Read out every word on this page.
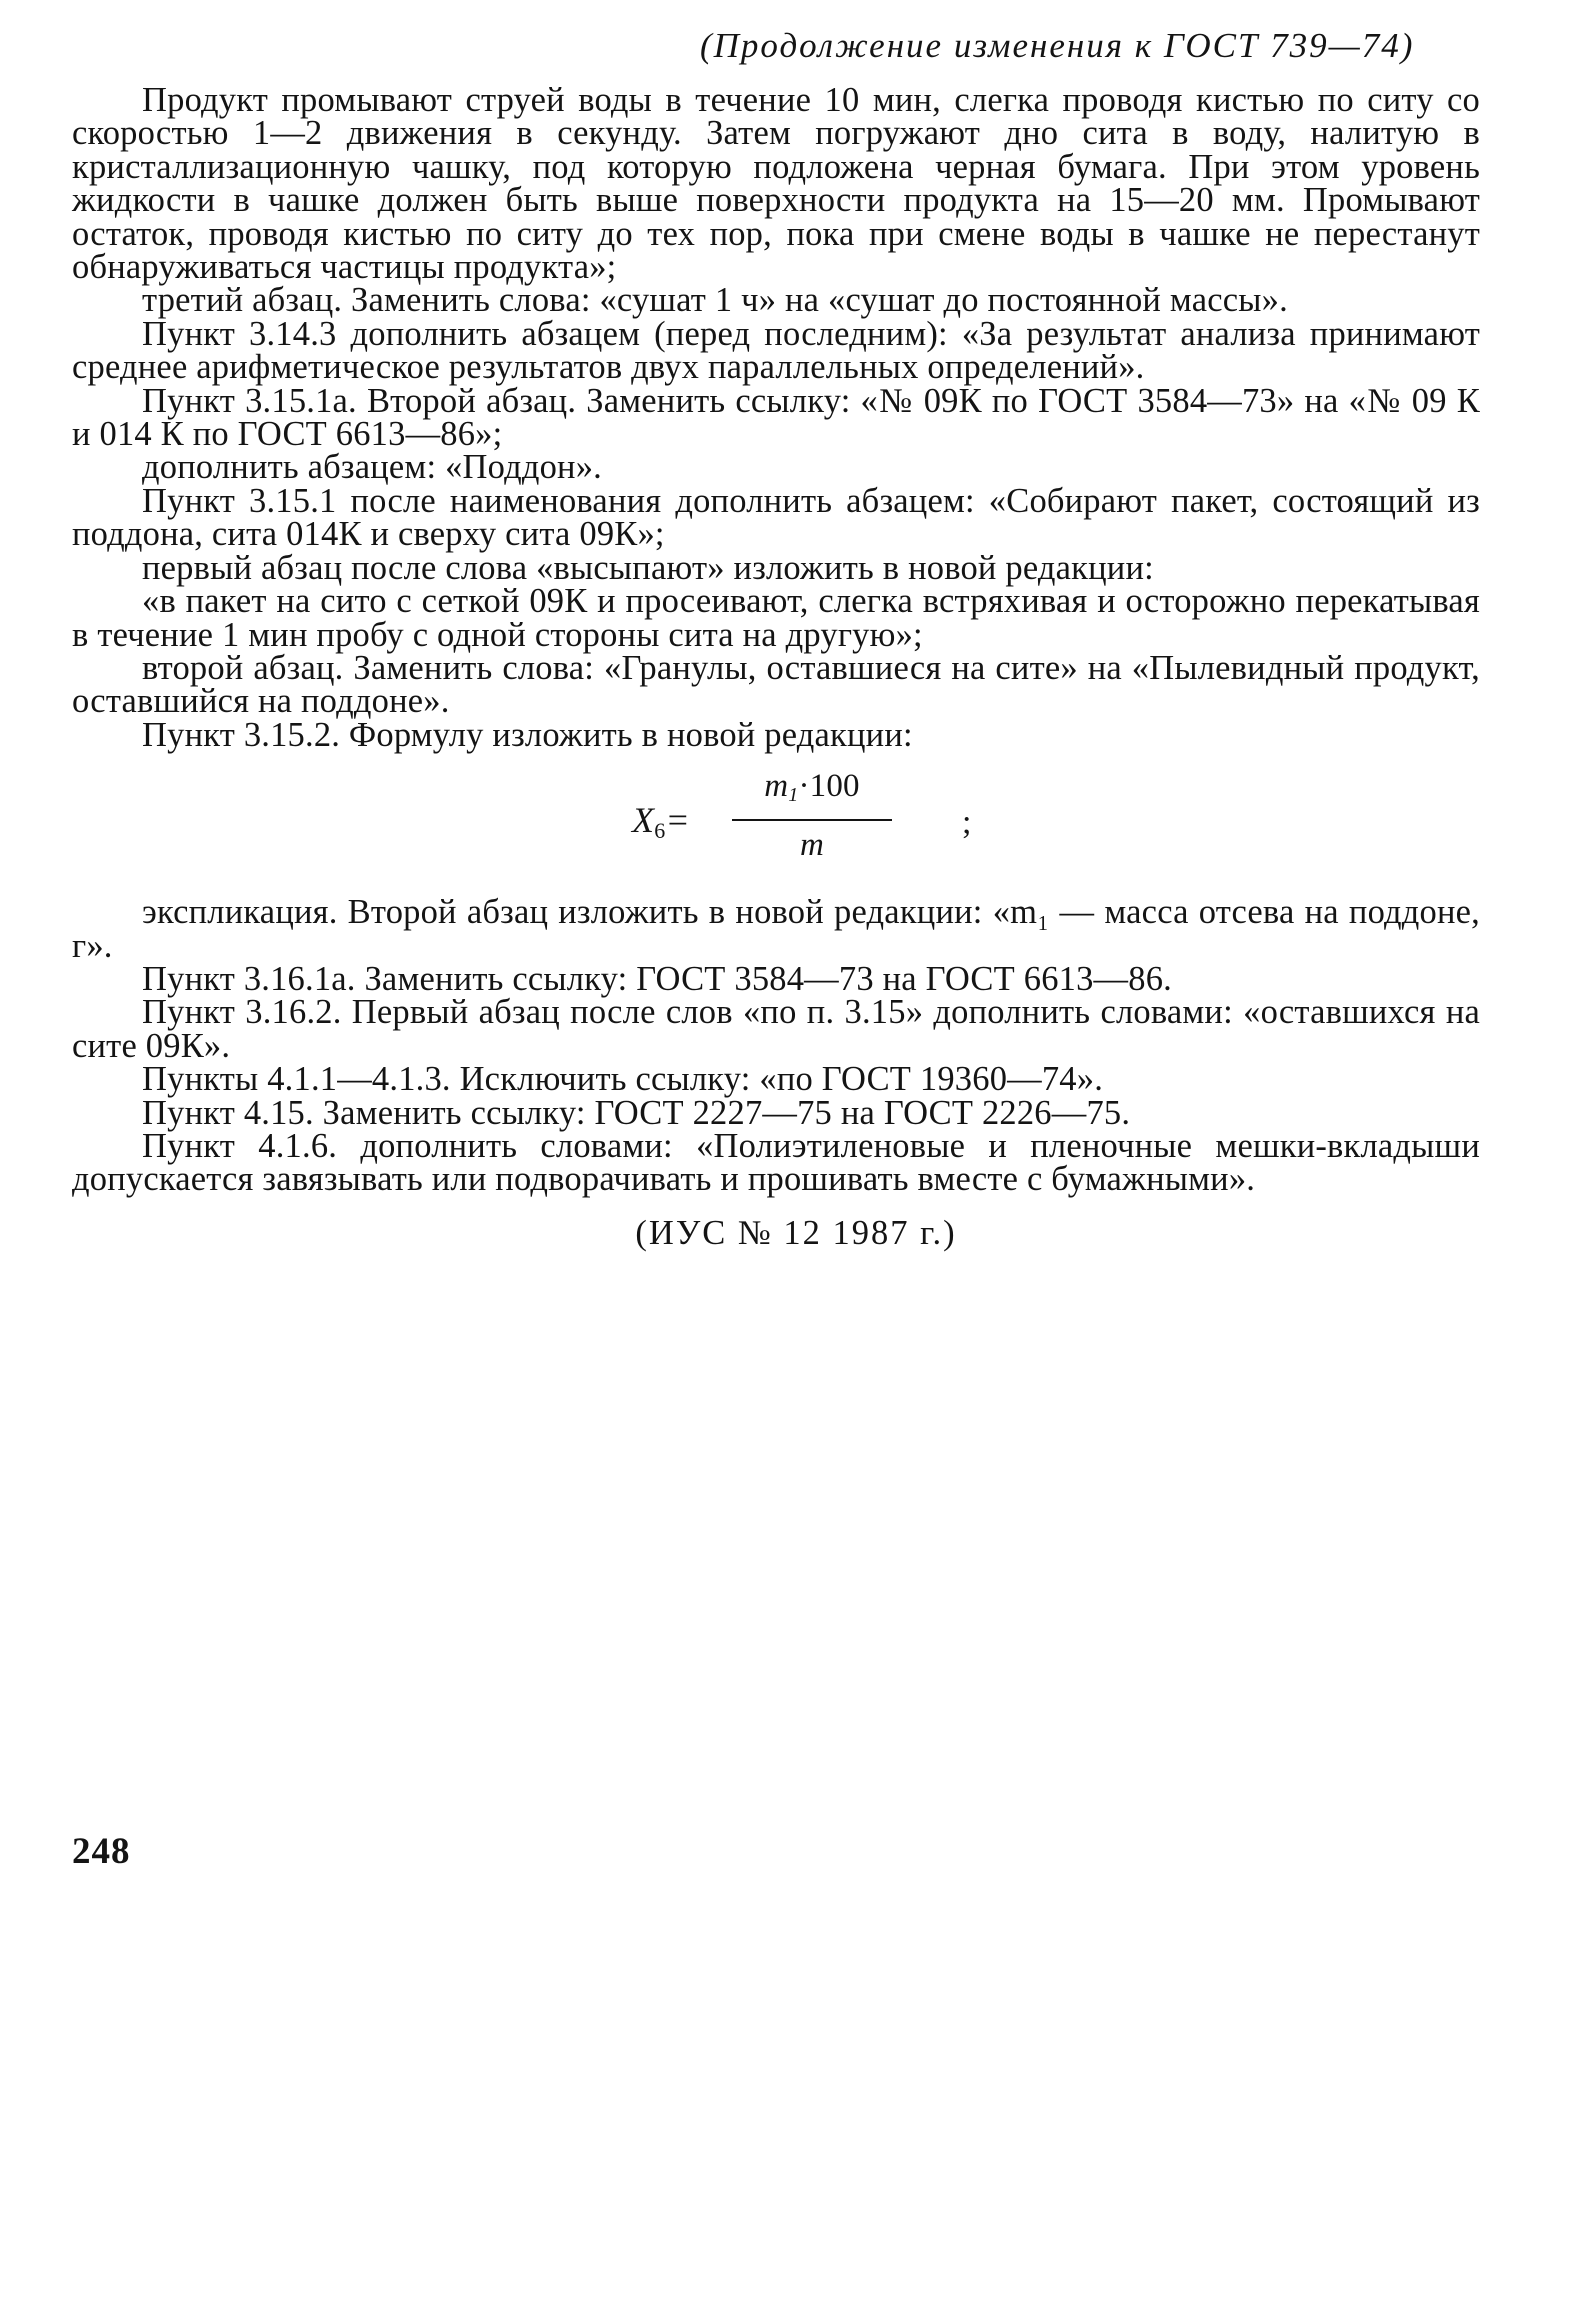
(Продолжение изменения к ГОСТ 739—74)

Продукт промывают струей воды в течение 10 мин, слегка проводя кистью по ситу со скоростью 1—2 движения в секунду. Затем погружают дно сита в воду, налитую в кристаллизационную чашку, под которую подложена черная бумага. При этом уровень жидкости в чашке должен быть выше поверхности продукта на 15—20 мм. Промывают остаток, проводя кистью по ситу до тех пор, пока при смене воды в чашке не перестанут обнаруживаться частицы продукта»;

третий абзац. Заменить слова: «сушат 1 ч» на «сушат до постоянной массы».

Пункт 3.14.3 дополнить абзацем (перед последним): «За результат анализа принимают среднее арифметическое результатов двух параллельных определений».

Пункт 3.15.1а. Второй абзац. Заменить ссылку: «№ 09К по ГОСТ 3584—73» на «№ 09 К и 014 К по ГОСТ 6613—86»;

дополнить абзацем: «Поддон».

Пункт 3.15.1 после наименования дополнить абзацем: «Собирают пакет, состоящий из поддона, сита 014К и сверху сита 09К»;

первый абзац после слова «высыпают» изложить в новой редакции:

«в пакет на сито с сеткой 09К и просеивают, слегка встряхивая и осторожно перекатывая в течение 1 мин пробу с одной стороны сита на другую»;

второй абзац. Заменить слова: «Гранулы, оставшиеся на сите» на «Пылевидный продукт, оставшийся на поддоне».

Пункт 3.15.2. Формулу изложить в новой редакции:

$X_6=$
$m_1\cdot 100$
m
;

экспликация. Второй абзац изложить в новой редакции: «m₁ — масса отсева на поддоне, г».

Пункт 3.16.1а. Заменить ссылку: ГОСТ 3584—73 на ГОСТ 6613—86.

Пункт 3.16.2. Первый абзац после слов «по п. 3.15» дополнить словами: «оставшихся на сите 09К».

Пункты 4.1.1—4.1.3. Исключить ссылку: «по ГОСТ 19360—74».

Пункт 4.15. Заменить ссылку: ГОСТ 2227—75 на ГОСТ 2226—75.

Пункт 4.1.6. дополнить словами: «Полиэтиленовые и пленочные мешки-вкладыши допускается завязывать или подворачивать и прошивать вместе с бумажными».

(ИУС № 12 1987 г.)

248
